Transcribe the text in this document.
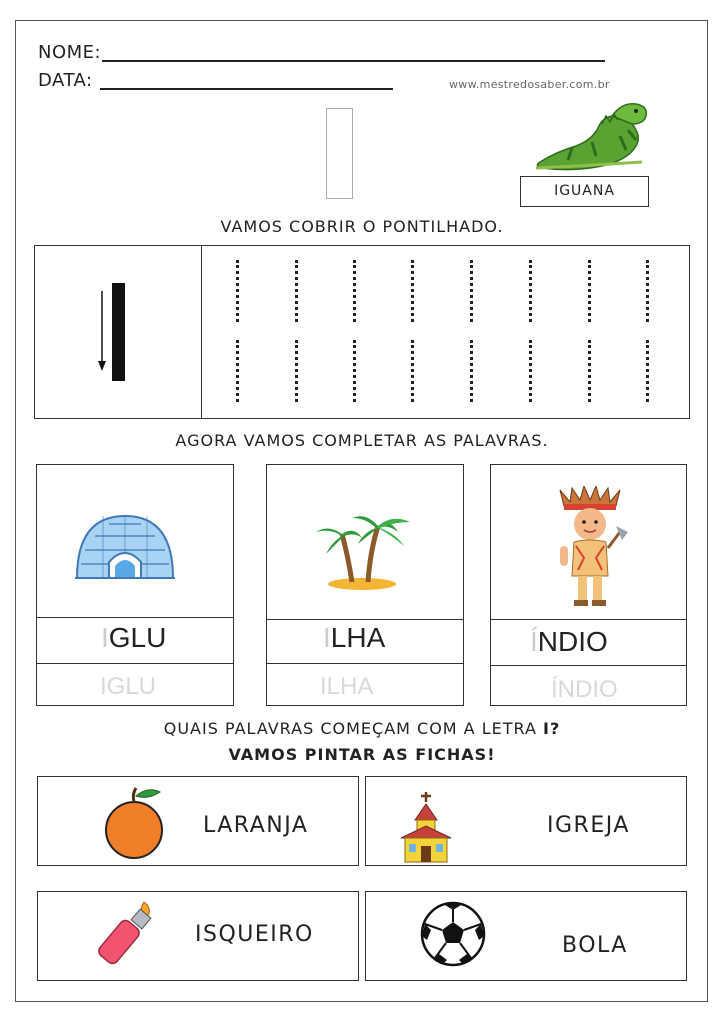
NOME:
DATA:	www.mestredosaber.com.br
IGUANA
VAMOS COBRIR O PONTILHADO.
AGORA VAMOS COMPLETAR AS PALAVRAS.
IGLU
IGLU
ILHA
ILHA
ÍNDIO
ÍNDIO
QUAIS PALAVRAS COMEÇAM COM A LETRA I?
VAMOS PINTAR AS FICHAS!
LARANJA	IGREJA
ISQUEIRO	BOLA
